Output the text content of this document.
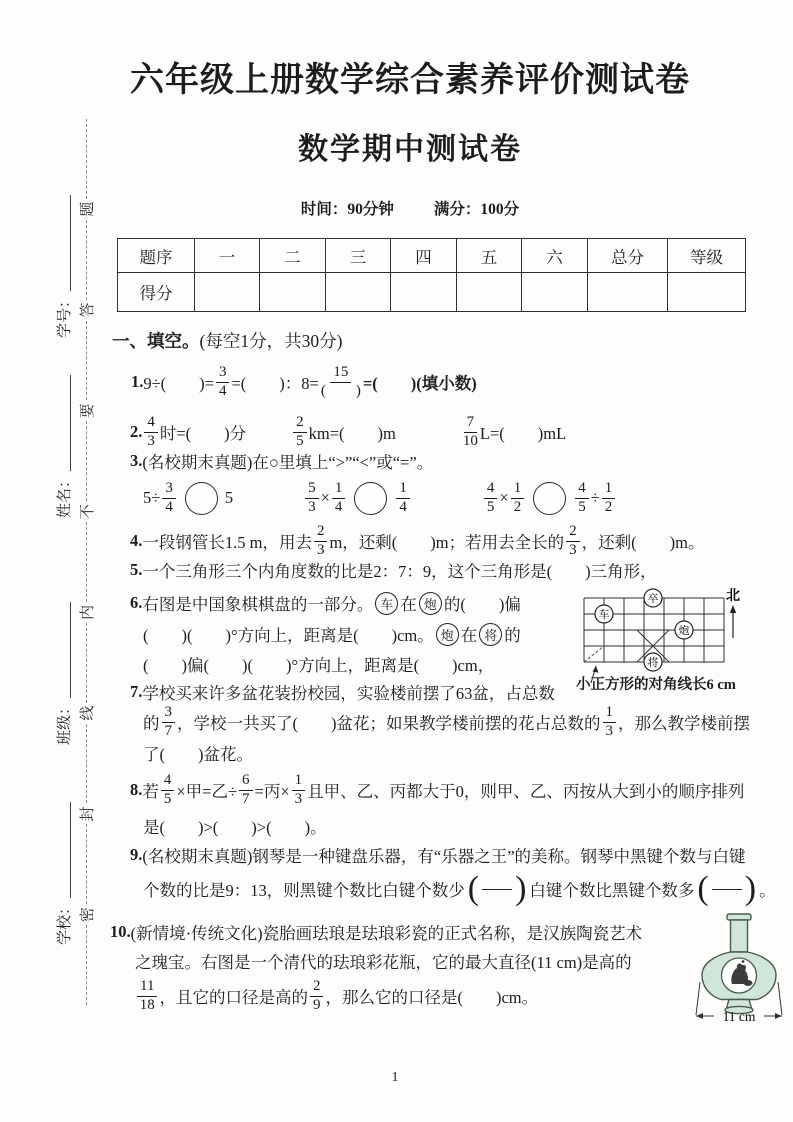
密
封
线
内
不
要
答
题
学号：
姓名：
班级：
学校：
六年级上册数学综合素养评价测试卷
数学期中测试卷
时间：90分钟	满分：100分
题序	一	二	三	四	五	六	总分	等级
得分								
一、填空。 (每空1分，共30分)
1. 9÷(　　)= $\frac{3}{4}$ =(　　)：$8= \frac{15}{( )}$ =(　　)(填小数)
2. $\frac{4}{3}$ 时=(　　)分	$\frac{2}{5} km=$(　　)m	$\frac{7}{10} L=$(　　)mL
3. (名校期末真题)在○里填上“>”“<”或“=”。
$5\div \frac{3}{4}$	5	$\frac{5}{3} \times \frac{1}{4}$	$\frac{1}{4}$	$\frac{4}{5} \times \frac{1}{2}$	$\frac{4}{5} \div \frac{1}{2}$
4. 一段钢管长1.5 m，用去 $\frac{2}{3}$ m，还剩(　　)m；若用去全长的 $\frac{2}{3}$ ，还剩(　　)m。
5. 一个三角形三个内角度数的比是2：7：9，这个三角形是(　　)三角形，
6. 右图是中国象棋棋盘的一部分。 车 在 炮 的(　　)偏
(　　)(　　)°方向上，距离是(　　)cm。 炮 在 将 的
(　　)偏(　　)(　　)°方向上，距离是(　　)cm，
7. 学校买来许多盆花装扮校园，实验楼前摆了63盆，占总数
的 $\frac{3}{7}$ ，学校一共买了(　　)盆花；如果教学楼前摆的花占总数的 $\frac{1}{3}$ ，那么教学楼前摆
了(　　)盆花。
8. 若 $\frac{4}{5}$ ×甲=乙÷ $\frac{6}{7}$ =丙× $\frac{1}{3}$ 且甲、乙、丙都大于0，则甲、乙、丙按从大到小的顺序排列
是(　　)>(　　)>(　　)。
9. (名校期末真题)钢琴是一种键盘乐器，有“乐器之王”的美称。钢琴中黑键个数与白键
个数的比是9：13，则黑键个数比白键个数少 ( ) 白键个数比黑键个数多 ( ) 。
10. (新情境·传统文化)瓷胎画珐琅是珐琅彩瓷的正式名称，是汉族陶瓷艺术
之瑰宝。右图是一个清代的珐琅彩花瓶，它的最大直径(11 cm)是高的
$\frac{11}{18}$ ，且它的口径是高的 $\frac{2}{9}$ ，那么它的口径是(　　)cm。
卒
车
炮
将
北
小正方形的对角线长6 cm
11 cm
1
